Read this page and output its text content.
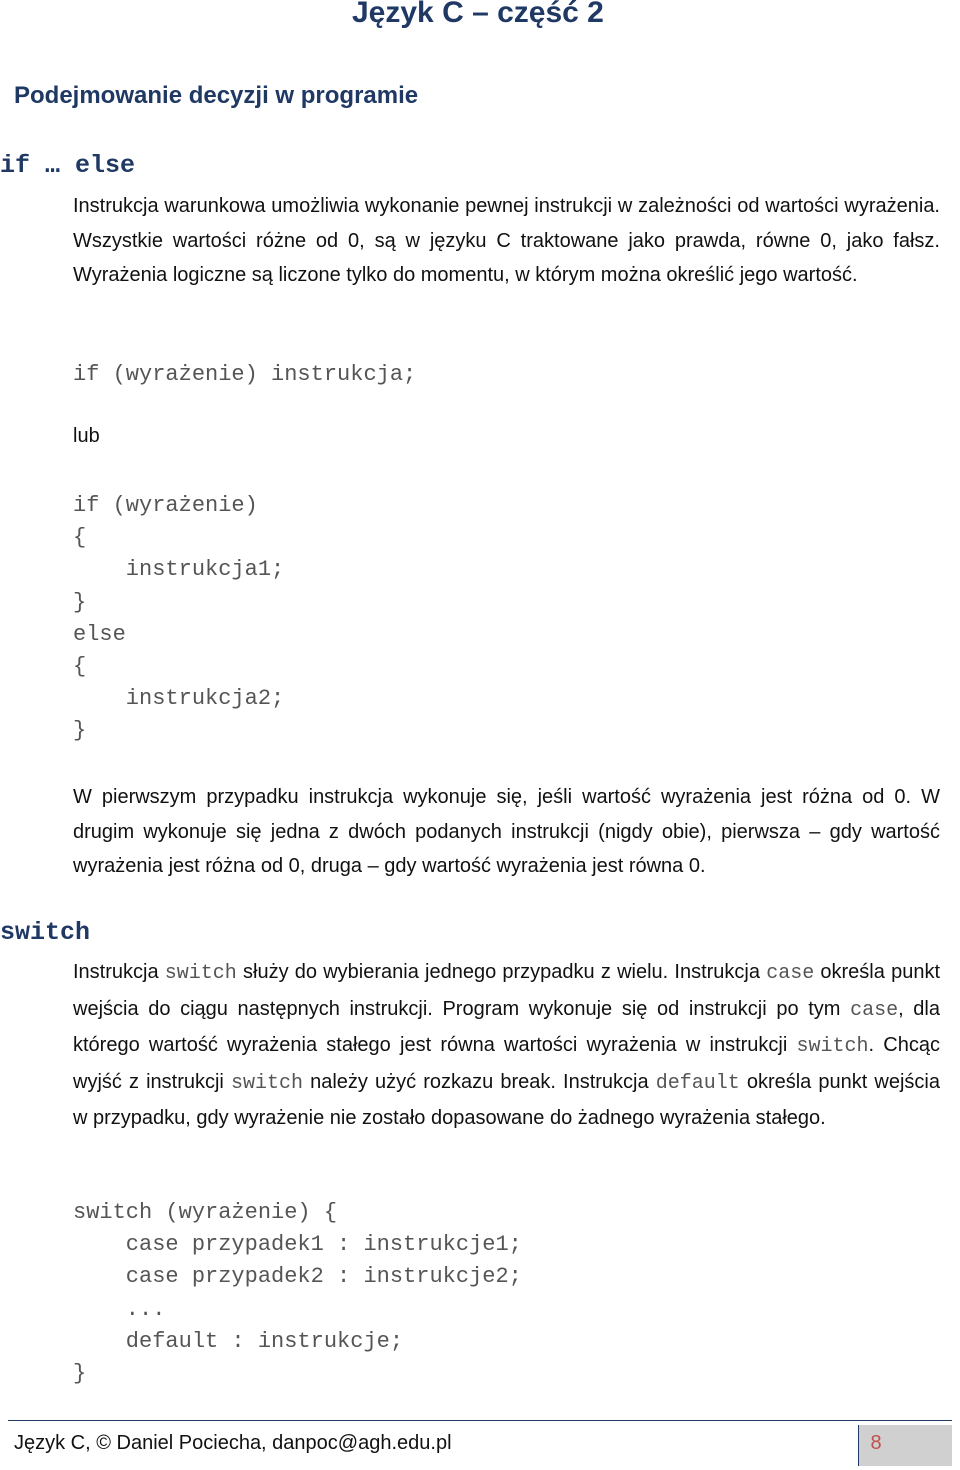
Język C – część 2
Podejmowanie decyzji w programie
if … else

Instrukcja warunkowa umożliwia wykonanie pewnej instrukcji w zależności od wartości wyrażenia. Wszystkie wartości różne od 0, są w języku C traktowane jako prawda, równe 0, jako fałsz. Wyrażenia logiczne są liczone tylko do momentu, w którym można określić jego wartość.

if (wyrażenie) instrukcja;
lub
if (wyrażenie)
{
instrukcja1;
}
else
{
instrukcja2;
}

W pierwszym przypadku instrukcja wykonuje się, jeśli wartość wyrażenia jest różna od 0. W drugim wykonuje się jedna z dwóch podanych instrukcji (nigdy obie), pierwsza – gdy wartość wyrażenia jest różna od 0, druga – gdy wartość wyrażenia jest równa 0.

switch

Instrukcja switch służy do wybierania jednego przypadku z wielu. Instrukcja case określa punkt wejścia do ciągu następnych instrukcji. Program wykonuje się od instrukcji po tym case, dla którego wartość wyrażenia stałego jest równa wartości wyrażenia w instrukcji switch. Chcąc wyjść z instrukcji switch należy użyć rozkazu break. Instrukcja default określa punkt wejścia w przypadku, gdy wyrażenie nie zostało dopasowane do żadnego wyrażenia stałego.

switch (wyrażenie) {
case przypadek1 : instrukcje1;
case przypadek2 : instrukcje2;
...
default : instrukcje;
}
Język C, © Daniel Pociecha, danpoc@agh.edu.pl	8
